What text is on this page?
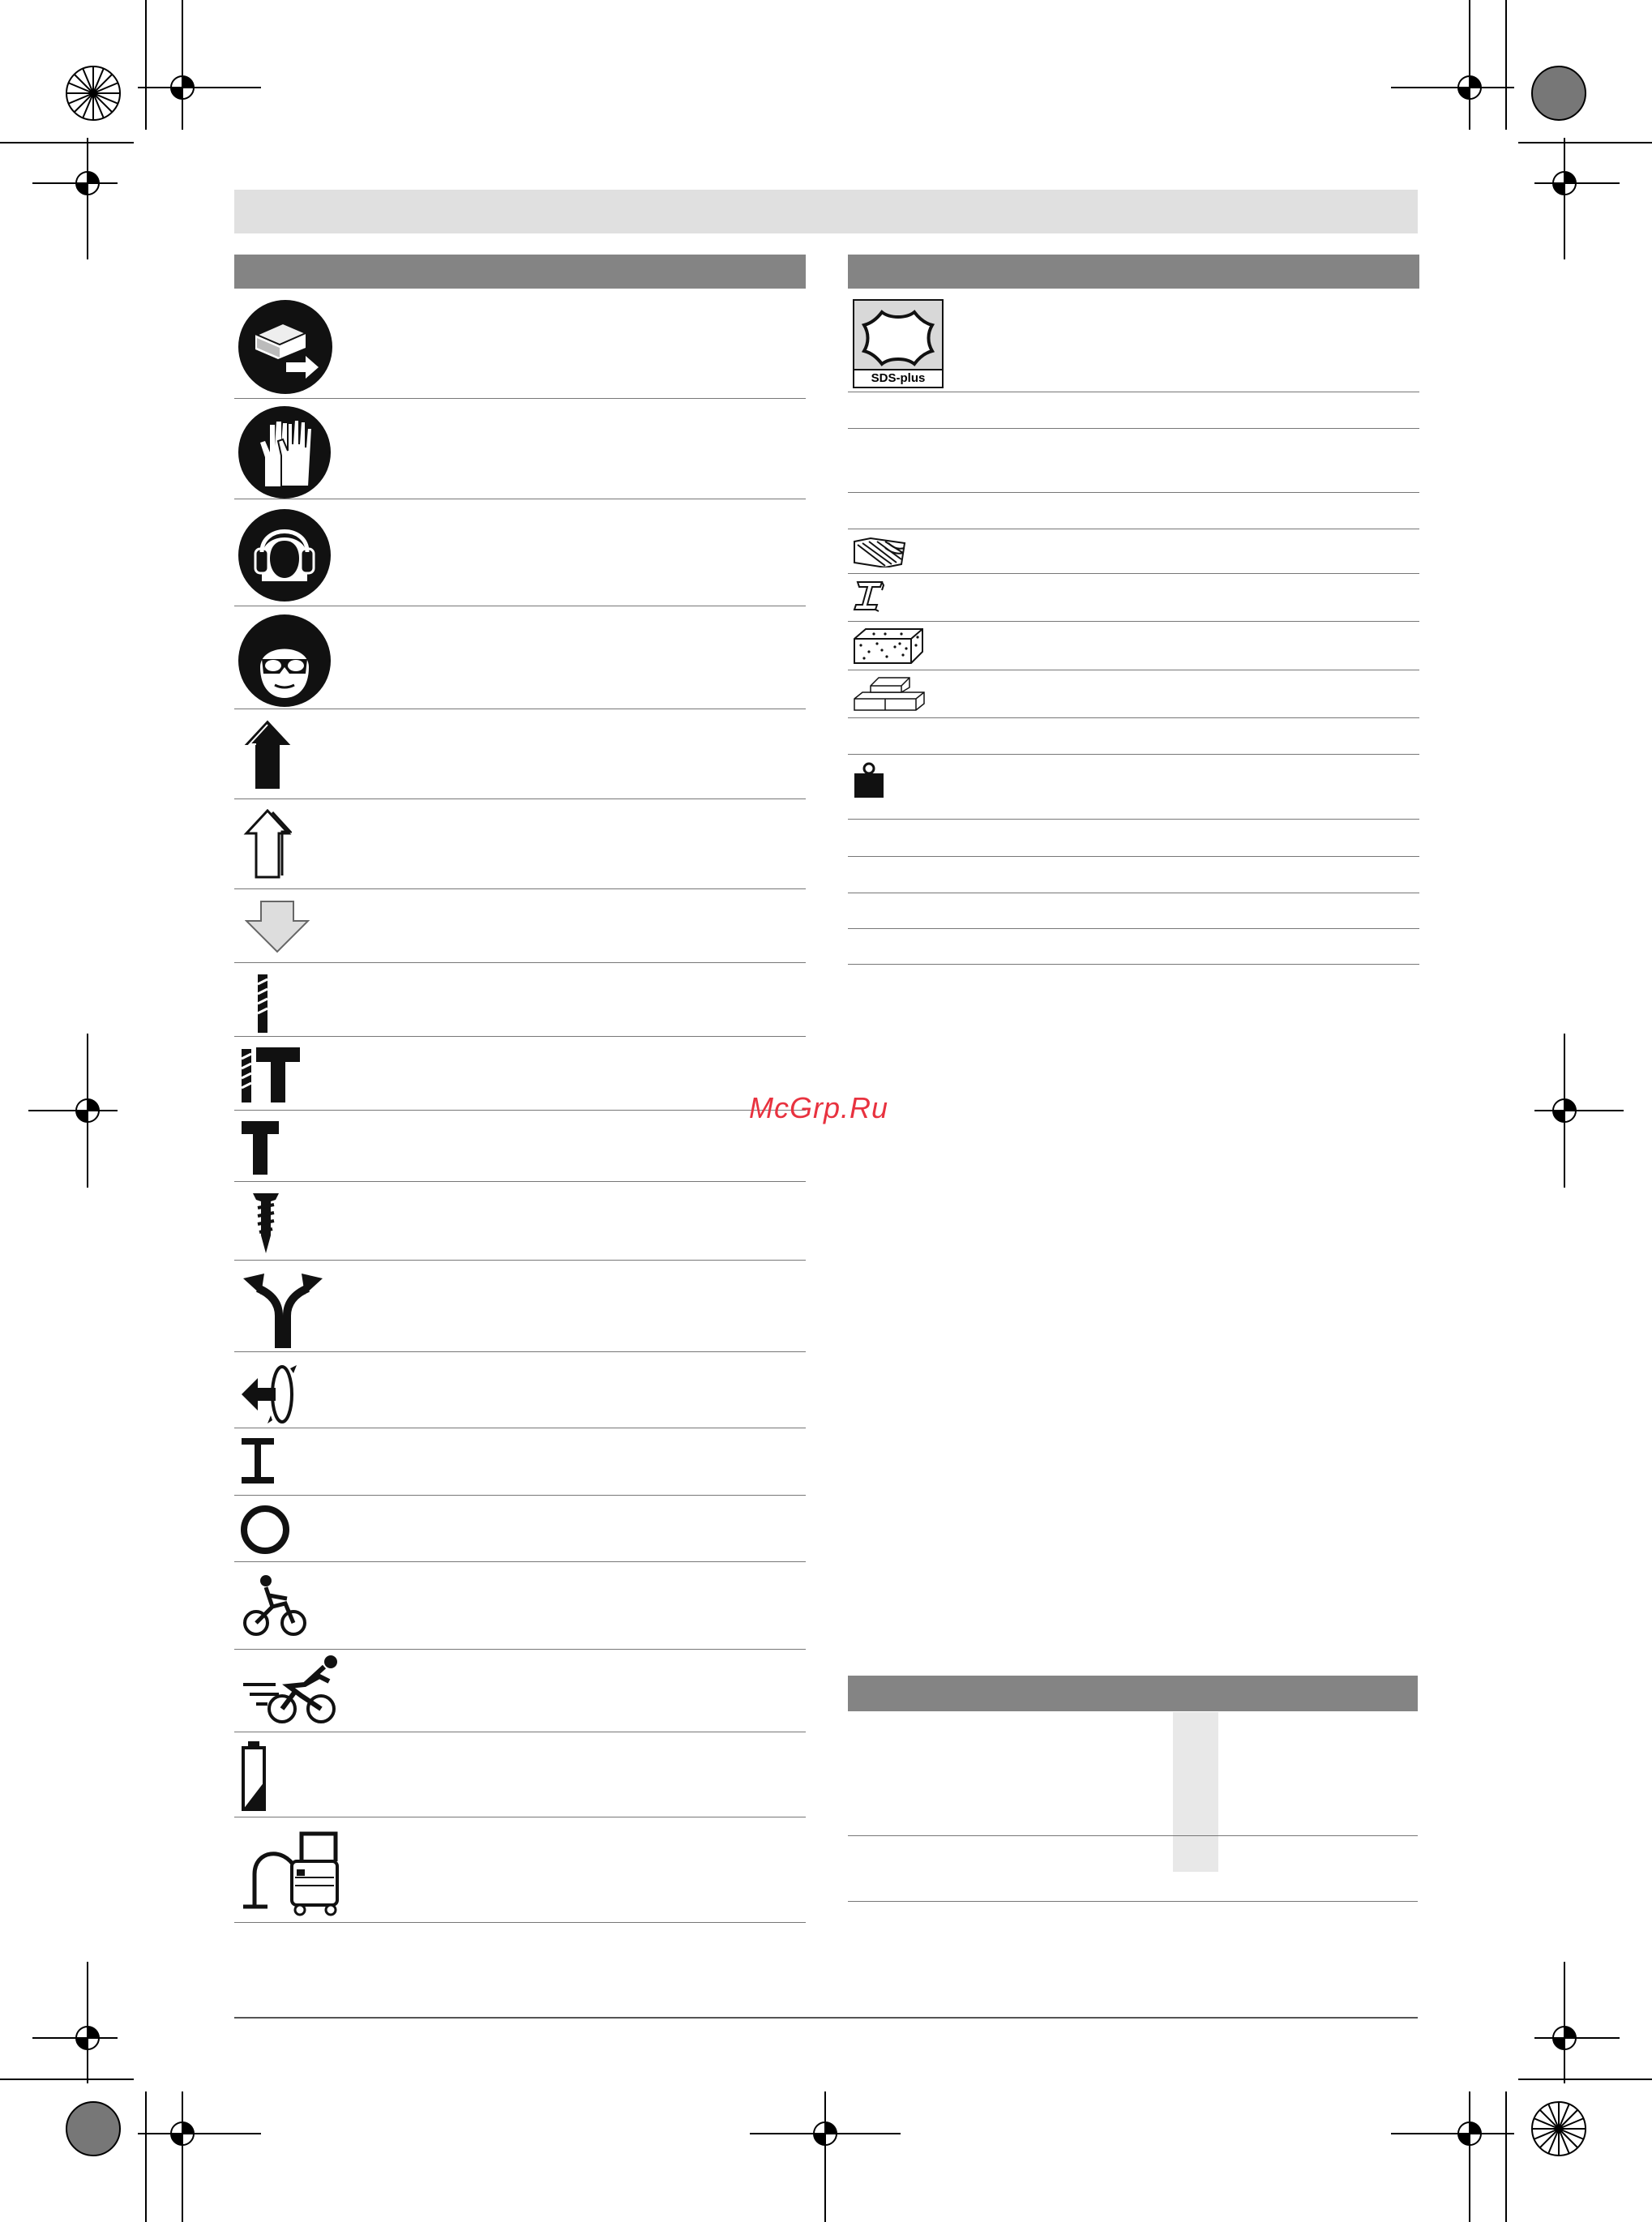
McGrp.Ru
SDS-plus
